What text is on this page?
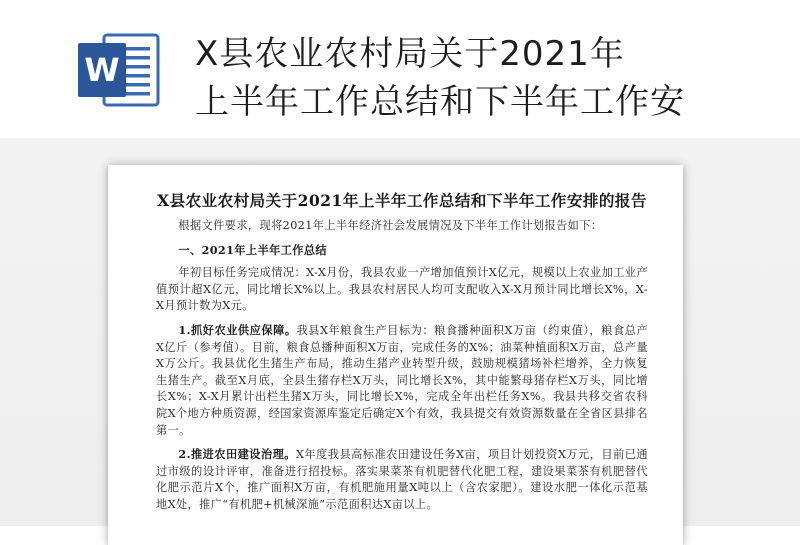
W X县农业农村局关于2021年
上半年工作总结和下半年工作安
X县农业农村局关于2021年上半年工作总结和下半年工作安排的报告

根据文件要求，现将2021年上半年经济社会发展情况及下半年工作计划报告如下：

一、2021年上半年工作总结

年初目标任务完成情况：X-X月份，我县农业一产增加值预计X亿元，规模以上农业加工业产值预计超X亿元，同比增长X%以上。我县农村居民人均可支配收入X-X月预计同比增长X%，X-X月预计数为X元。

1.抓好农业供应保障。我县X年粮食生产目标为：粮食播种面积X万亩（约束值），粮食总产X亿斤（参考值）。目前，粮食总播种面积X万亩，完成任务的X%；油菜种植面积X万亩，总产量X万公斤。我县优化生猪生产布局，推动生猪产业转型升级，鼓励规模猪场补栏增养，全力恢复生猪生产。截至X月底，全县生猪存栏X万头，同比增长X%，其中能繁母猪存栏X万头，同比增长X%；X-X月累计出栏生猪X万头，同比增长X%，完成全年出栏任务X%。我县共移交省农科院X个地方种质资源，经国家资源库鉴定后确定X个有效，我县提交有效资源数量在全省区县排名第一。

2.推进农田建设治理。X年度我县高标准农田建设任务X亩，项目计划投资X万元，目前已通过市级的设计评审，准备进行招投标。落实果菜茶有机肥替代化肥工程，建设果菜茶有机肥替代化肥示范片X个，推广面积X万亩，有机肥施用量X吨以上（含农家肥）。建设水肥一体化示范基地X处，推广“有机肥+机械深施”示范面积达X亩以上。
